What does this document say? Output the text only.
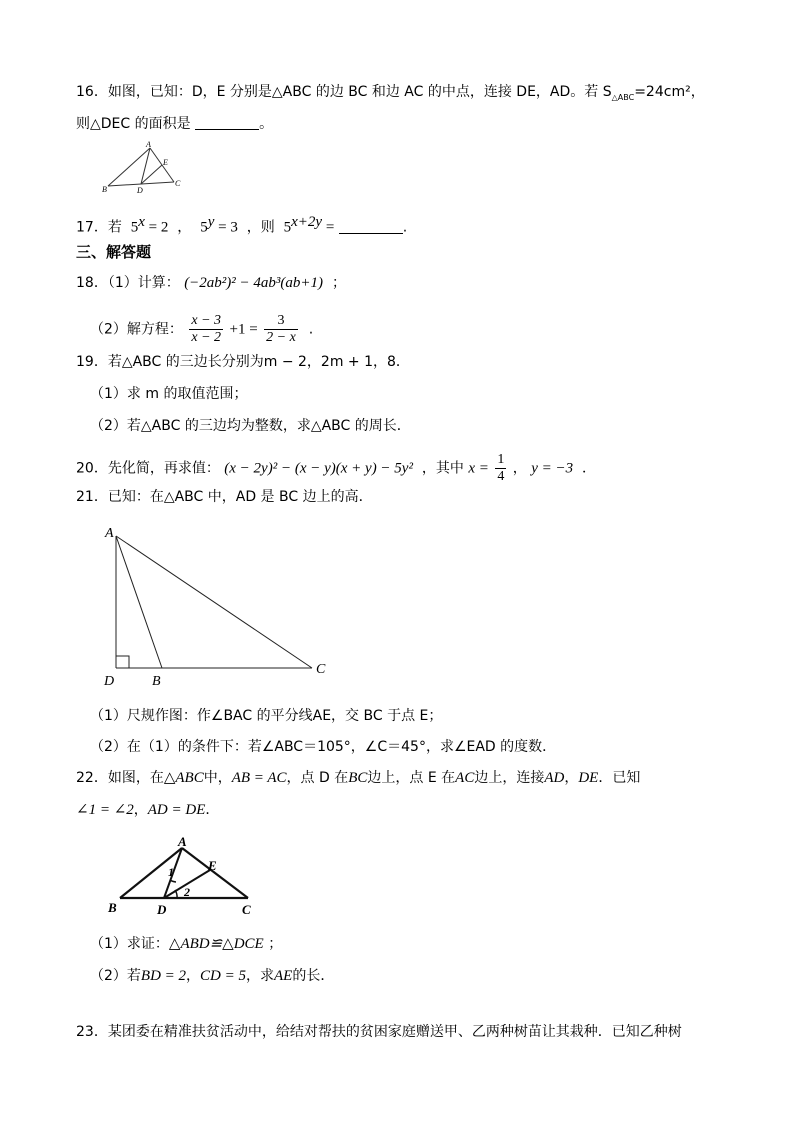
16．如图，已知：D，E 分别是△ABC 的边 BC 和边 AC 的中点，连接 DE，AD。若 $S_{\triangle ABC}=24cm^2$，
则△DEC 的面积是	。
A
B
C
D
E
17．若 $5^x = 2$ ， $5^y = 3$ ，则 $5^{x+2y}$ =	.
三、解答题
18．（1）计算： (−2ab²)² − 4ab³(ab+1) ；
（2）解方程： $\frac{x - 3}{x - 2} +1 = \frac{3}{2 - x}$ .
19．若△ABC 的三边长分别为m − 2，2m + 1，8．
（1）求 m 的取值范围；
（2）若△ABC 的三边均为整数，求△ABC 的周长．
20．先化简，再求值： (x − 2y)² − (x − y)(x + y) − 5y² ，其中 $x = \frac{1}{4}$ ， y = −3 ．
21．已知：在△ABC 中，AD 是 BC 边上的高．
A
D	B
C
（1）尺规作图：作∠BAC 的平分线AE，交 BC 于点 E；
（2）在（1）的条件下：若∠ABC＝105°，∠C＝45°，求∠EAD 的度数．
22．如图，在△ABC中，AB = AC，点 D 在BC边上，点 E 在AC边上，连接AD，DE．已知
∠1 = ∠2，AD = DE．
A
B	C
D
E
1
2
（1）求证：△ABD≌△DCE ；
（2）若BD = 2，CD = 5，求AE的长．
23．某团委在精准扶贫活动中，给结对帮扶的贫困家庭赠送甲、乙两种树苗让其栽种．已知乙种树
